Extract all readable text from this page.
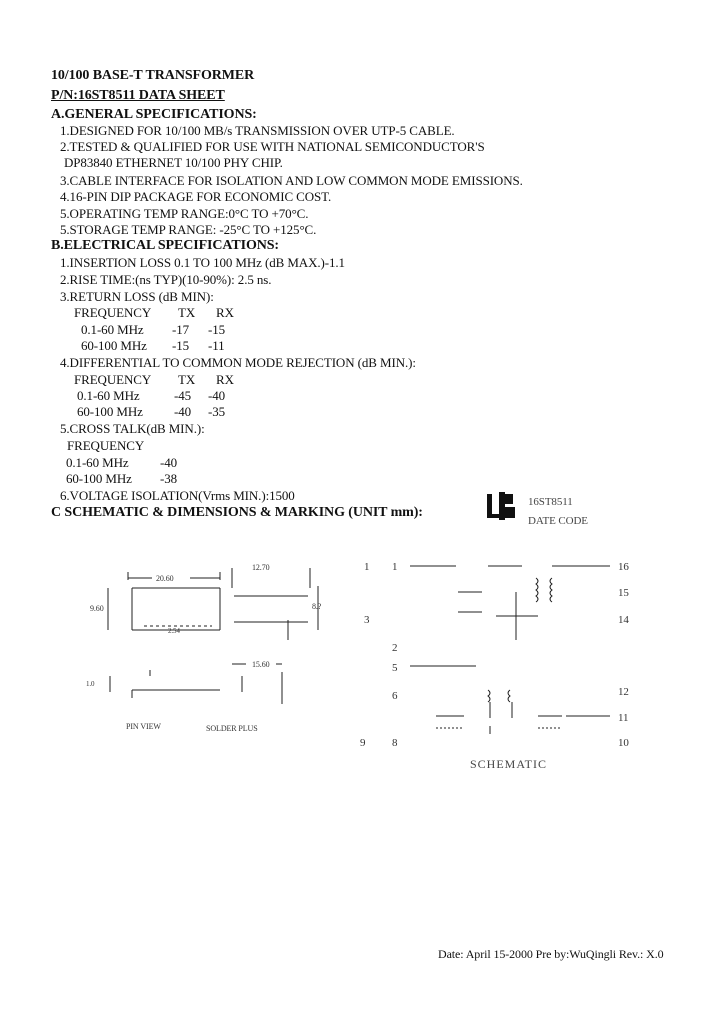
10/100 BASE-T TRANSFORMER
P/N:16ST8511 DATA SHEET
A.GENERAL SPECIFICATIONS:
1.DESIGNED FOR 10/100 MB/s TRANSMISSION OVER UTP-5 CABLE.
2.TESTED & QUALIFIED FOR USE WITH NATIONAL SEMICONDUCTOR'S
DP83840 ETHERNET 10/100 PHY CHIP.
3.CABLE INTERFACE FOR ISOLATION AND LOW COMMON MODE EMISSIONS.
4.16-PIN DIP PACKAGE FOR ECONOMIC COST.
5.OPERATING TEMP RANGE:0°C TO +70°C.
5.STORAGE TEMP RANGE: -25°C TO +125°C.
B.ELECTRICAL SPECIFICATIONS:
1.INSERTION LOSS 0.1 TO 100 MHz (dB MAX.)-1.1
2.RISE TIME:(ns TYP)(10-90%): 2.5 ns.
3.RETURN LOSS (dB MIN):
FREQUENCY TX RX
0.1-60 MHz -17 -15
60-100 MHz -15 -11
4.DIFFERENTIAL TO COMMON MODE REJECTION (dB MIN.):
FREQUENCY TX RX
0.1-60 MHz	-45 -40
60-100 MHz -40 -35
5.CROSS TALK(dB MIN.):
FREQUENCY
0.1-60 MHz -40
60-100 MHz -38
6.VOLTAGE ISOLATION(Vrms MIN.):1500
C SCHEMATIC & DIMENSIONS & MARKING (UNIT mm):
16ST8511
DATE CODE
20.60
12.70
9.60	8.?
15.60
1.0
2.54
PIN VIEW	SOLDER PLUS
1 1
3
2
5
6
8
16
15
14
12
11
10
9
SCHEMATIC
Date: April 15-2000 Pre by:WuQingli Rev.: X.0
